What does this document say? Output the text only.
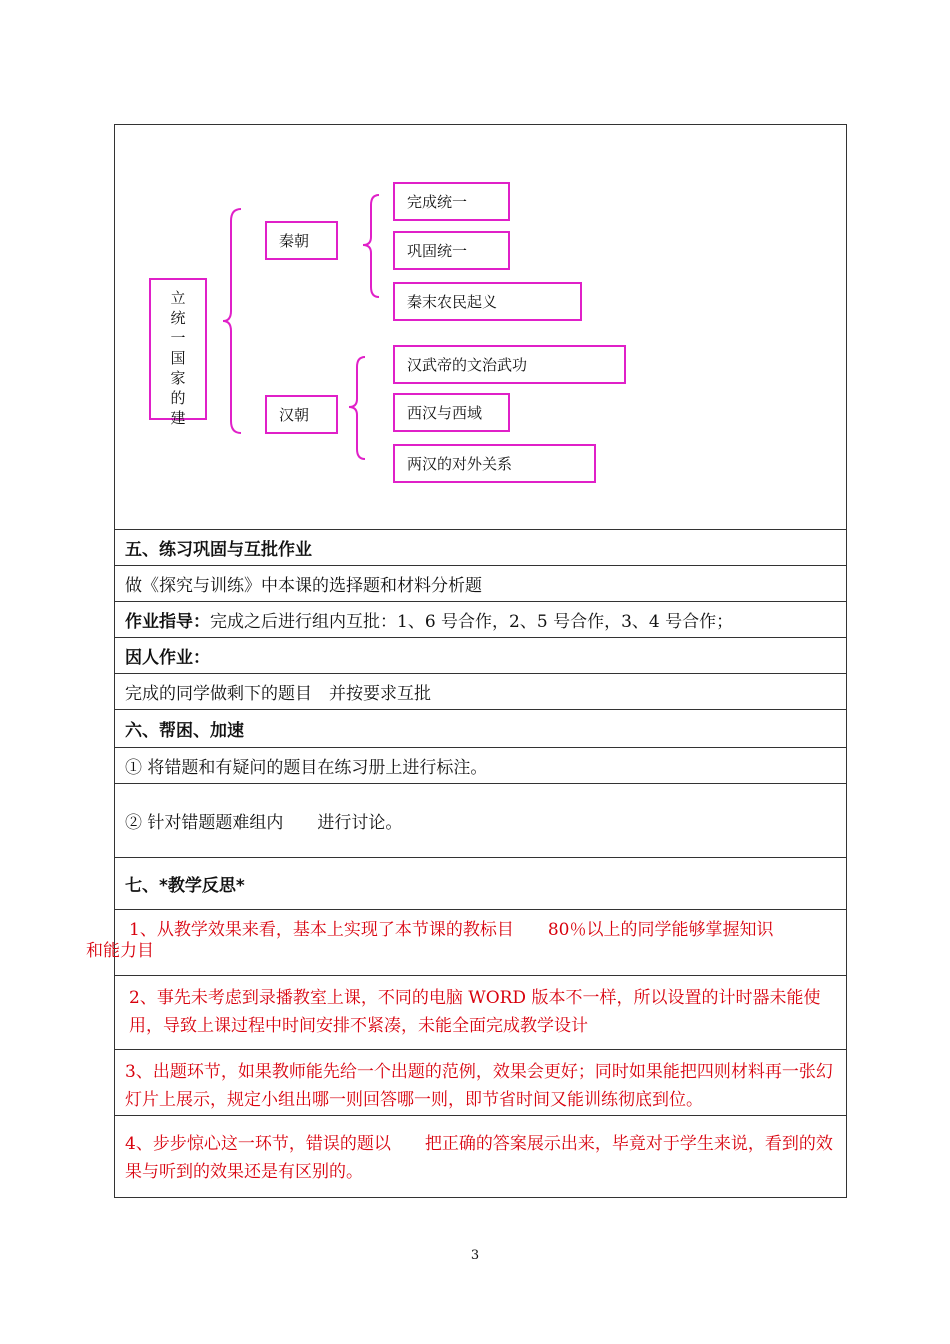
立统一国家的建
秦朝
汉朝
完成统一
巩固统一
秦末农民起义
汉武帝的文治武功
西汉与西域
两汉的对外关系
五、练习巩固与互批作业
做《探究与训练》中本课的选择题和材料分析题
作业指导： 完成之后进行组内互批：1、6 号合作，2、5 号合作，3、4 号合作；
因人作业：
完成的同学做剩下的题目　并按要求互批
六、帮困、加速
① 将错题和有疑问的题目在练习册上进行标注。
② 针对错题题难组内　　进行讨论。
七、*教学反思*
1、从教学效果来看，基本上实现了本节课的教标目　　80％以上的同学能够掌握知识
2、事先未考虑到录播教室上课，不同的电脑 WORD 版本不一样，所以设置的计时器未能使用，导致上课过程中时间安排不紧凑，未能全面完成教学设计
3、出题环节，如果教师能先给一个出题的范例，效果会更好；同时如果能把四则材料再一张幻灯片上展示，规定小组出哪一则回答哪一则，即节省时间又能训练彻底到位。
4、步步惊心这一环节，错误的题以　　把正确的答案展示出来，毕竟对于学生来说，看到的效果与听到的效果还是有区别的。
和能力目
3
